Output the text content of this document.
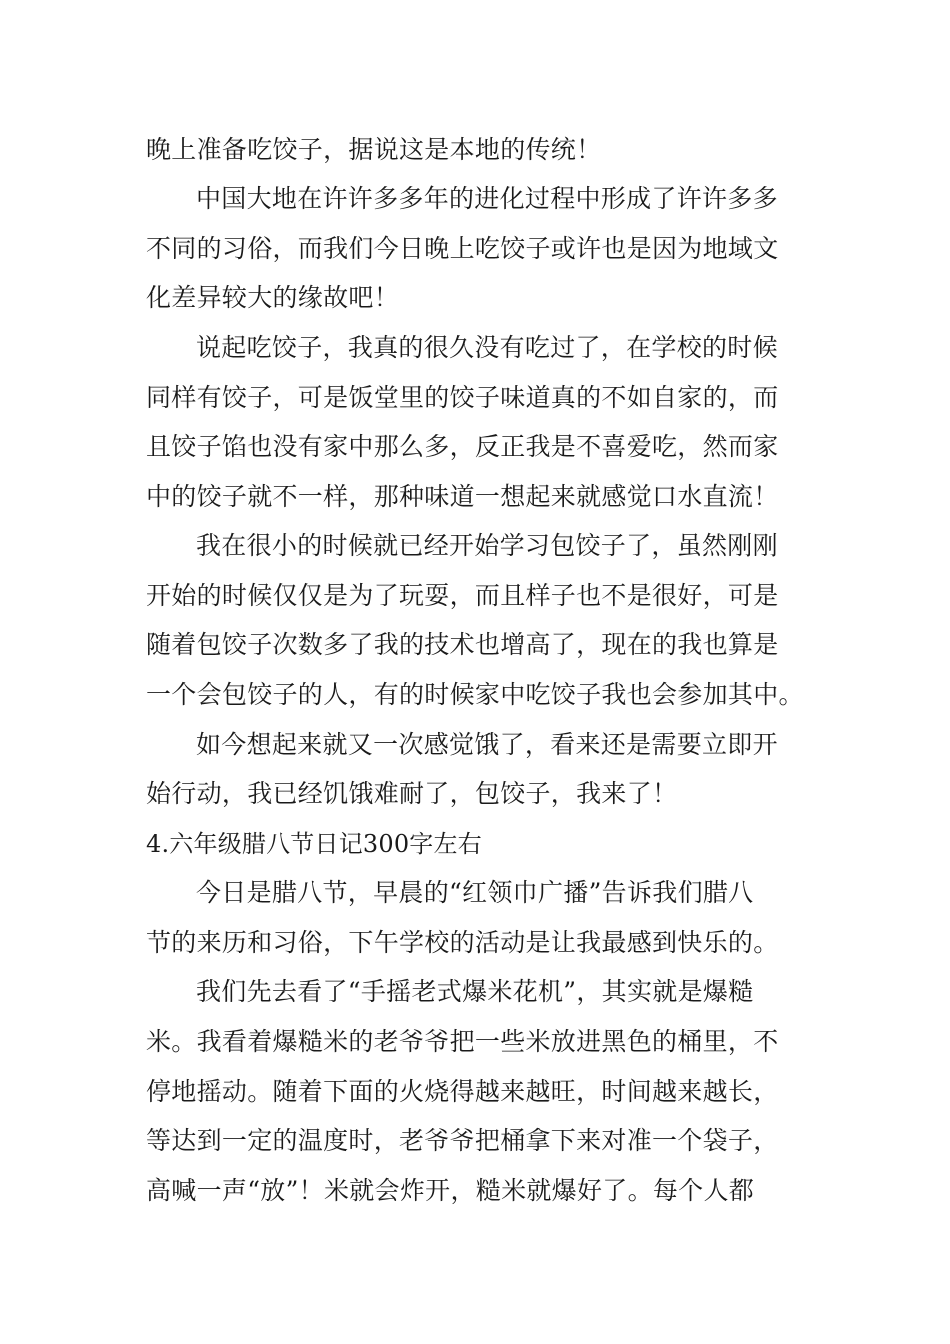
晚上准备吃饺子，据说这是本地的传统！
中国大地在许许多多年的进化过程中形成了许许多多
不同的习俗，而我们今日晚上吃饺子或许也是因为地域文
化差异较大的缘故吧！
说起吃饺子，我真的很久没有吃过了，在学校的时候
同样有饺子，可是饭堂里的饺子味道真的不如自家的，而
且饺子馅也没有家中那么多，反正我是不喜爱吃，然而家
中的饺子就不一样，那种味道一想起来就感觉口水直流！
我在很小的时候就已经开始学习包饺子了，虽然刚刚
开始的时候仅仅是为了玩耍，而且样子也不是很好，可是
随着包饺子次数多了我的技术也增高了，现在的我也算是
一个会包饺子的人，有的时候家中吃饺子我也会参加其中。
如今想起来就又一次感觉饿了，看来还是需要立即开
始行动，我已经饥饿难耐了，包饺子，我来了！
4.六年级腊八节日记300字左右
今日是腊八节，早晨的“红领巾广播”告诉我们腊八
节的来历和习俗，下午学校的活动是让我最感到快乐的。
我们先去看了“手摇老式爆米花机”，其实就是爆糙
米。我看着爆糙米的老爷爷把一些米放进黑色的桶里，不
停地摇动。随着下面的火烧得越来越旺，时间越来越长，
等达到一定的温度时，老爷爷把桶拿下来对准一个袋子，
高喊一声“放”！米就会炸开，糙米就爆好了。每个人都
